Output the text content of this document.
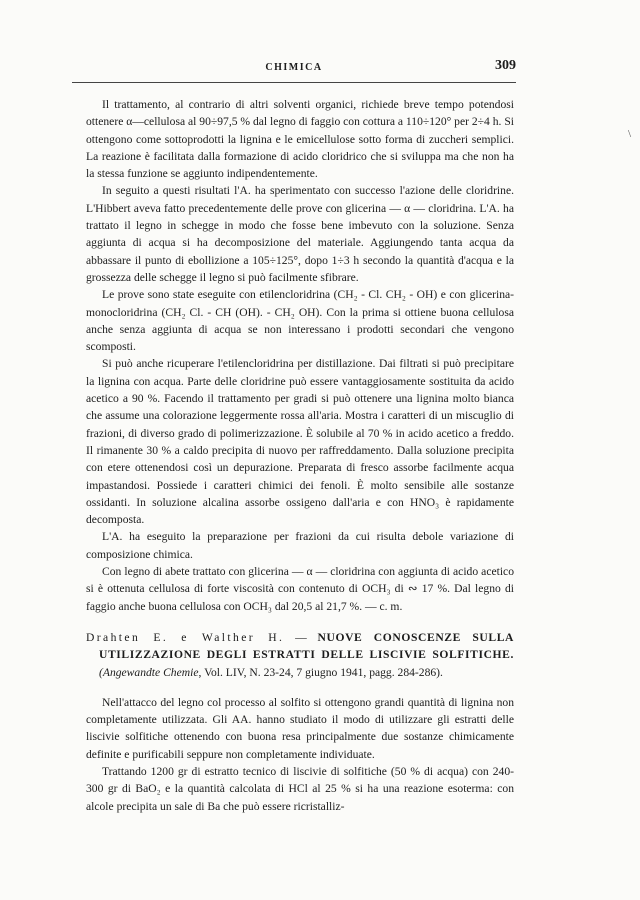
CHIMICA	309
\

Il trattamento, al contrario di altri solventi organici, richiede breve tempo potendosi ottenere α—cellulosa al 90÷97,5 % dal legno di faggio con cottura a 110÷120° per 2÷4 h. Si ottengono come sottoprodotti la lignina e le emicellulose sotto forma di zuccheri semplici. La reazione è facilitata dalla formazione di acido cloridrico che si sviluppa ma che non ha la stessa funzione se aggiunto indipendentemente.

In seguito a questi risultati l'A. ha sperimentato con successo l'azione delle cloridrine. L'Hibbert aveva fatto precedentemente delle prove con glicerina — α — cloridrina. L'A. ha trattato il legno in schegge in modo che fosse bene imbevuto con la soluzione. Senza aggiunta di acqua si ha decomposizione del materiale. Aggiungendo tanta acqua da abbassare il punto di ebollizione a 105÷125°, dopo 1÷3 h secondo la quantità d'acqua e la grossezza delle schegge il legno si può facilmente sfibrare.

Le prove sono state eseguite con etilencloridrina (CH₂ - Cl. CH₂ - OH) e con glicerina-monocloridrina (CH₂ Cl. - CH (OH). - CH₂ OH). Con la prima si ottiene buona cellulosa anche senza aggiunta di acqua se non interessano i prodotti secondari che vengono scomposti.

Si può anche ricuperare l'etilencloridrina per distillazione. Dai filtrati si può precipitare la lignina con acqua. Parte delle cloridrine può essere vantaggiosamente sostituita da acido acetico a 90 %. Facendo il trattamento per gradi si può ottenere una lignina molto bianca che assume una colorazione leggermente rossa all'aria. Mostra i caratteri di un miscuglio di frazioni, di diverso grado di polimerizzazione. È solubile al 70 % in acido acetico a freddo. Il rimanente 30 % a caldo precipita di nuovo per raffreddamento. Dalla soluzione precipita con etere ottenendosi così un depurazione. Preparata di fresco assorbe facilmente acqua impastandosi. Possiede i caratteri chimici dei fenoli. È molto sensibile alle sostanze ossidanti. In soluzione alcalina assorbe ossigeno dall'aria e con HNO₃ è rapidamente decomposta.

L'A. ha eseguito la preparazione per frazioni da cui risulta debole variazione di composizione chimica.

Con legno di abete trattato con glicerina — α — cloridrina con aggiunta di acido acetico si è ottenuta cellulosa di forte viscosità con contenuto di OCH₃ di ∾ 17 %. Dal legno di faggio anche buona cellulosa con OCH₃ dal 20,5 al 21,7 %. — c. m.

Drahten E. e Walther H. — NUOVE CONOSCENZE SULLA UTILIZZAZIONE DEGLI ESTRATTI DELLE LISCIVIE SOLFITICHE. (Angewandte Chemie, Vol. LIV, N. 23-24, 7 giugno 1941, pagg. 284-286).

Nell'attacco del legno col processo al solfito si ottengono grandi quantità di lignina non completamente utilizzata. Gli AA. hanno studiato il modo di utilizzare gli estratti delle liscivie solfitiche ottenendo con buona resa principalmente due sostanze chimicamente definite e purificabili seppure non completamente individuate.

Trattando 1200 gr di estratto tecnico di liscivie di solfitiche (50 % di acqua) con 240-300 gr di BaO₂ e la quantità calcolata di HCl al 25 % si ha una reazione esoterma: con alcole precipita un sale di Ba che può essere ricristalliz-
